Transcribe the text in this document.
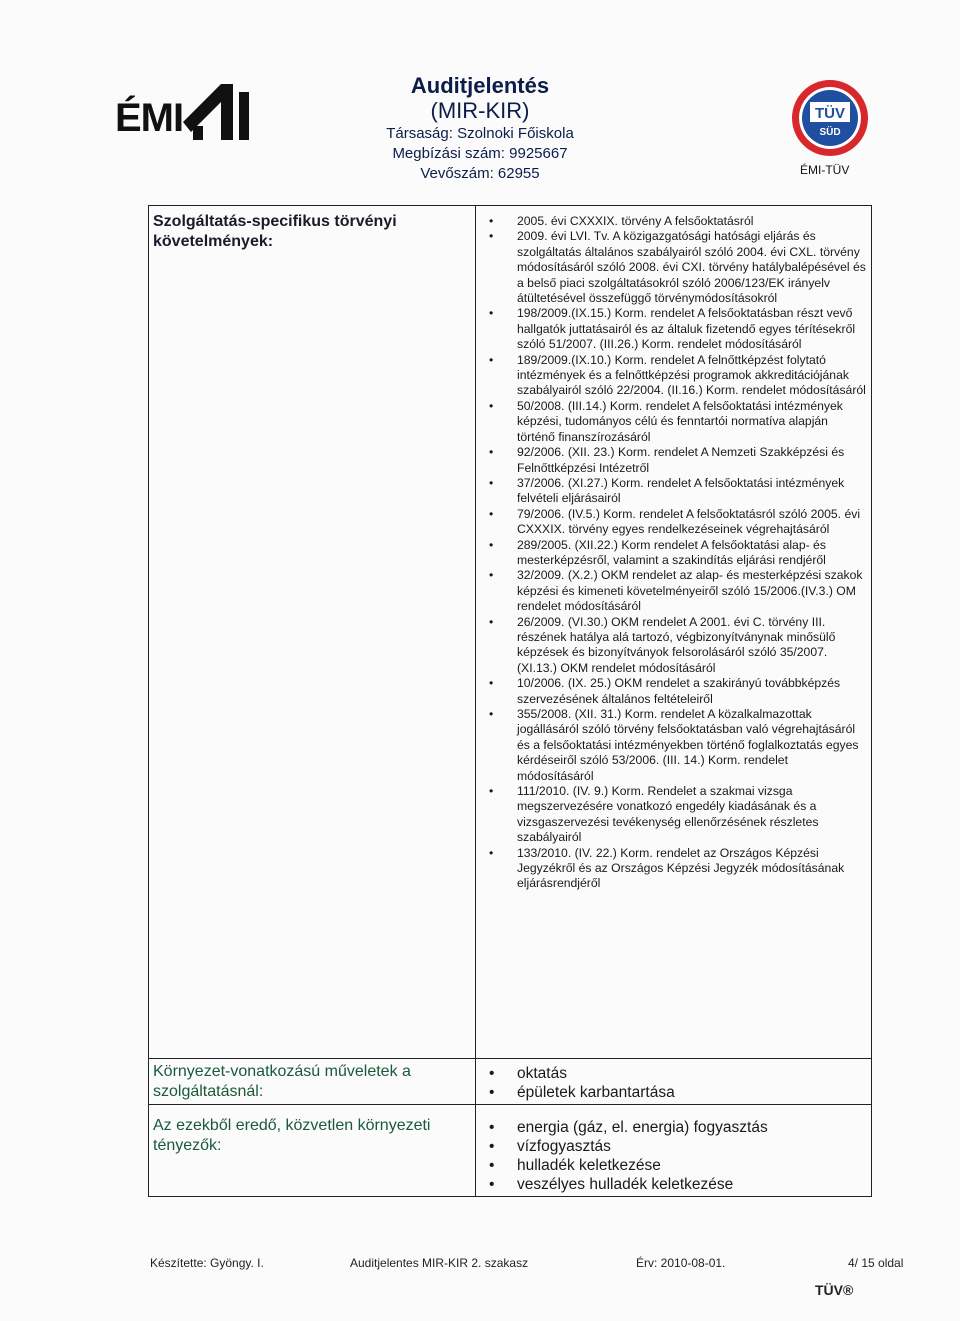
ÉMI
Auditjelentés
(MIR-KIR)
Társaság: Szolnoki Főiskola
Megbízási szám: 9925667
Vevőszám: 62955
TÜV
SÜD
ÉMI-TÜV
Szolgáltatás-specifikus törvényi követelmények:
• 2005. évi CXXXIX. törvény A felsőoktatásról
• 2009. évi LVI. Tv. A közigazgatósági hatósági eljárás és szolgáltatás általános szabályairól szóló 2004. évi CXL. törvény módosításáról szóló 2008. évi CXI. törvény hatálybalépésével és a belső piaci szolgáltatásokról szóló 2006/123/EK irányelv átültetésével összefüggő törvénymódosításokról
• 198/2009.(IX.15.) Korm. rendelet A felsőoktatásban részt vevő hallgatók juttatásairól és az általuk fizetendő egyes térítésekről szóló 51/2007. (III.26.) Korm. rendelet módosításáról
• 189/2009.(IX.10.) Korm. rendelet A felnőttképzést folytató intézmények és a felnőttképzési programok akkreditációjának szabályairól szóló 22/2004. (II.16.) Korm. rendelet módosításáról
• 50/2008. (III.14.) Korm. rendelet A felsőoktatási intézmények képzési, tudományos célú és fenntartói normatíva alapján történő finanszírozásáról
• 92/2006. (XII. 23.) Korm. rendelet A Nemzeti Szakképzési és Felnőttképzési Intézetről
• 37/2006. (XI.27.) Korm. rendelet A felsőoktatási intézmények felvételi eljárásairól
• 79/2006. (IV.5.) Korm. rendelet A felsőoktatásról szóló 2005. évi CXXXIX. törvény egyes rendelkezéseinek végrehajtásáról
• 289/2005. (XII.22.) Korm rendelet A felsőoktatási alap- és mesterképzésről, valamint a szakindítás eljárási rendjéről
• 32/2009. (X.2.) OKM rendelet az alap- és mesterképzési szakok képzési és kimeneti követelményeiről szóló 15/2006.(IV.3.) OM rendelet módosításáról
• 26/2009. (VI.30.) OKM rendelet A 2001. évi C. törvény III. részének hatálya alá tartozó, végbizonyítványnak minősülő képzések és bizonyítványok felsorolásáról szóló 35/2007. (XI.13.) OKM rendelet módosításáról
• 10/2006. (IX. 25.) OKM rendelet a szakirányú továbbképzés szervezésének általános feltételeiről
• 355/2008. (XII. 31.) Korm. rendelet A közalkalmazottak jogállásáról szóló törvény felsőoktatásban való végrehajtásáról és a felsőoktatási intézményekben történő foglalkoztatás egyes kérdéseiről szóló 53/2006. (III. 14.) Korm. rendelet módosításáról
• 111/2010. (IV. 9.) Korm. Rendelet a szakmai vizsga megszervezésére vonatkozó engedély kiadásának és a vizsgaszervezési tevékenység ellenőrzésének részletes szabályairól
• 133/2010. (IV. 22.) Korm. rendelet az Országos Képzési Jegyzékről és az Országos Képzési Jegyzék módosításának eljárásrendjéről
Környezet-vonatkozású műveletek a szolgáltatásnál:
• oktatás
• épületek karbantartása
Az ezekből eredő, közvetlen környezeti tényezők:
• energia (gáz, el. energia) fogyasztás
• vízfogyasztás
• hulladék keletkezése
• veszélyes hulladék keletkezése
Készítette: Gyöngy. I.	Auditjelentes MIR-KIR 2. szakasz	Érv: 2010-08-01.	4/ 15 oldal
TÜV®
